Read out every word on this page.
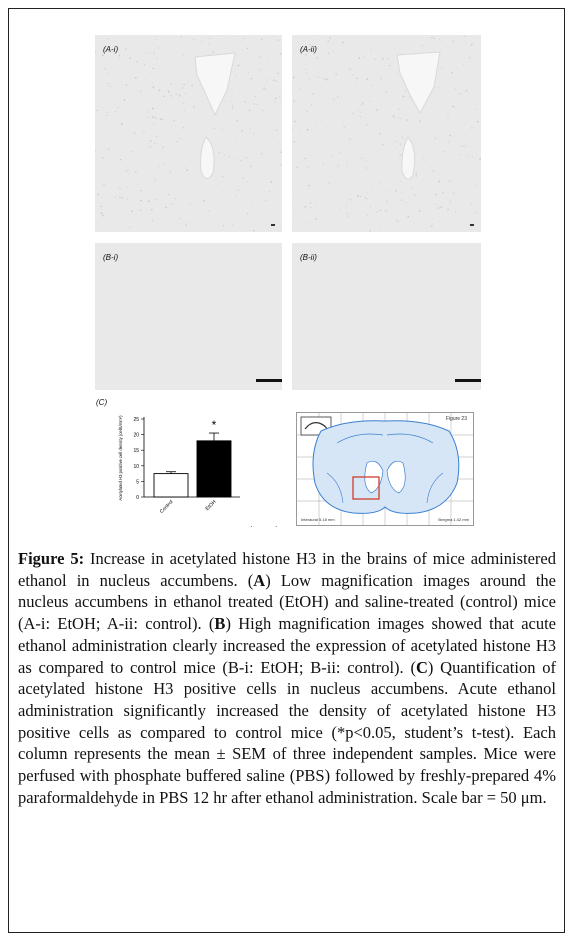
(A-i)	(A-ii)
(B-i)	(B-ii)
(C)
0
5
10
15
20
25
Acetylated H3 positive cell density (cells/mm²)
Control	EtOH
*	Figure 23
Interaural 5.18 mm	Bregma 1.42 mm
·          ·
Figure 5: Increase in acetylated histone H3 in the brains of mice administered ethanol in nucleus accumbens. (A) Low magnification images around the nucleus accumbens in ethanol treated (EtOH) and saline-treated (control) mice (A-i: EtOH; A-ii: control). (B) High magnification images showed that acute ethanol administration clearly increased the expression of acetylated histone H3 as compared to control mice (B-i: EtOH; B-ii: control). (C) Quantification of acetylated histone H3 positive cells in nucleus accumbens. Acute ethanol administration significantly increased the density of acetylated histone H3 positive cells as compared to control mice (*p<0.05, student’s t-test). Each column represents the mean ± SEM of three independent samples. Mice were perfused with phosphate buffered saline (PBS) followed by freshly-prepared 4% paraformaldehyde in PBS 12 hr after ethanol administration. Scale bar = 50 μm.
